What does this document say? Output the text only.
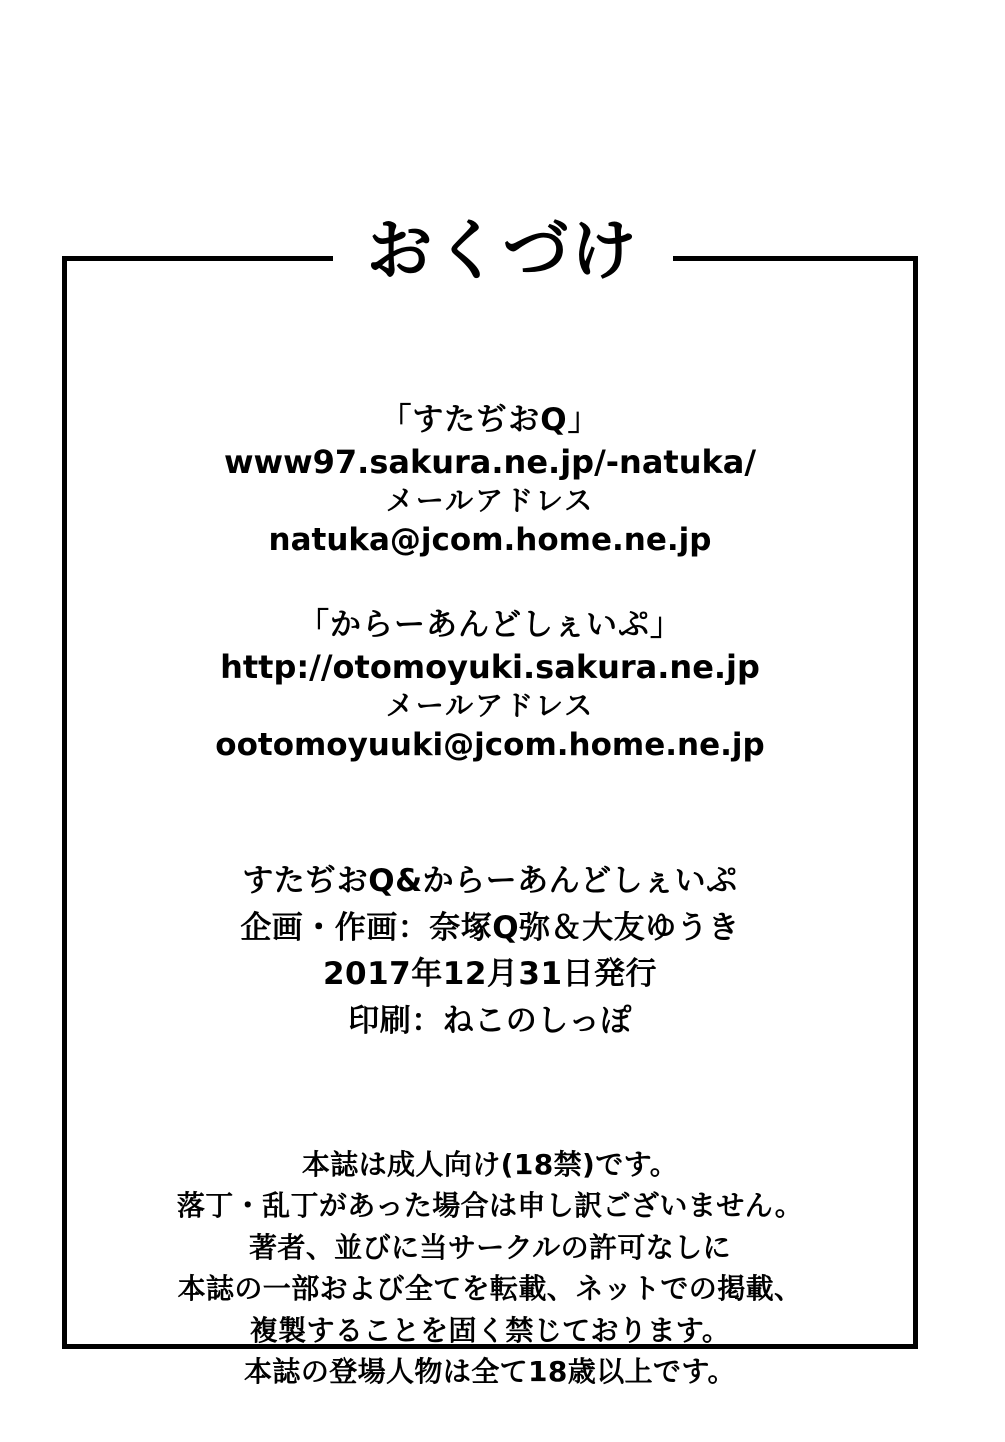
おくづけ
「すたぢおQ」
www97.sakura.ne.jp/-natuka/
メールアドレス
natuka@jcom.home.ne.jp
「からーあんどしぇいぷ」
http://otomoyuki.sakura.ne.jp
メールアドレス
ootomoyuuki@jcom.home.ne.jp
すたぢおQ&からーあんどしぇいぷ
企画・作画：奈塚Q弥＆大友ゆうき
2017年12月31日発行
印刷：ねこのしっぽ
本誌は成人向け(18禁)です。
落丁・乱丁があった場合は申し訳ございません。
著者、並びに当サークルの許可なしに
本誌の一部および全てを転載、ネットでの掲載、
複製することを固く禁じております。
本誌の登場人物は全て18歳以上です。
